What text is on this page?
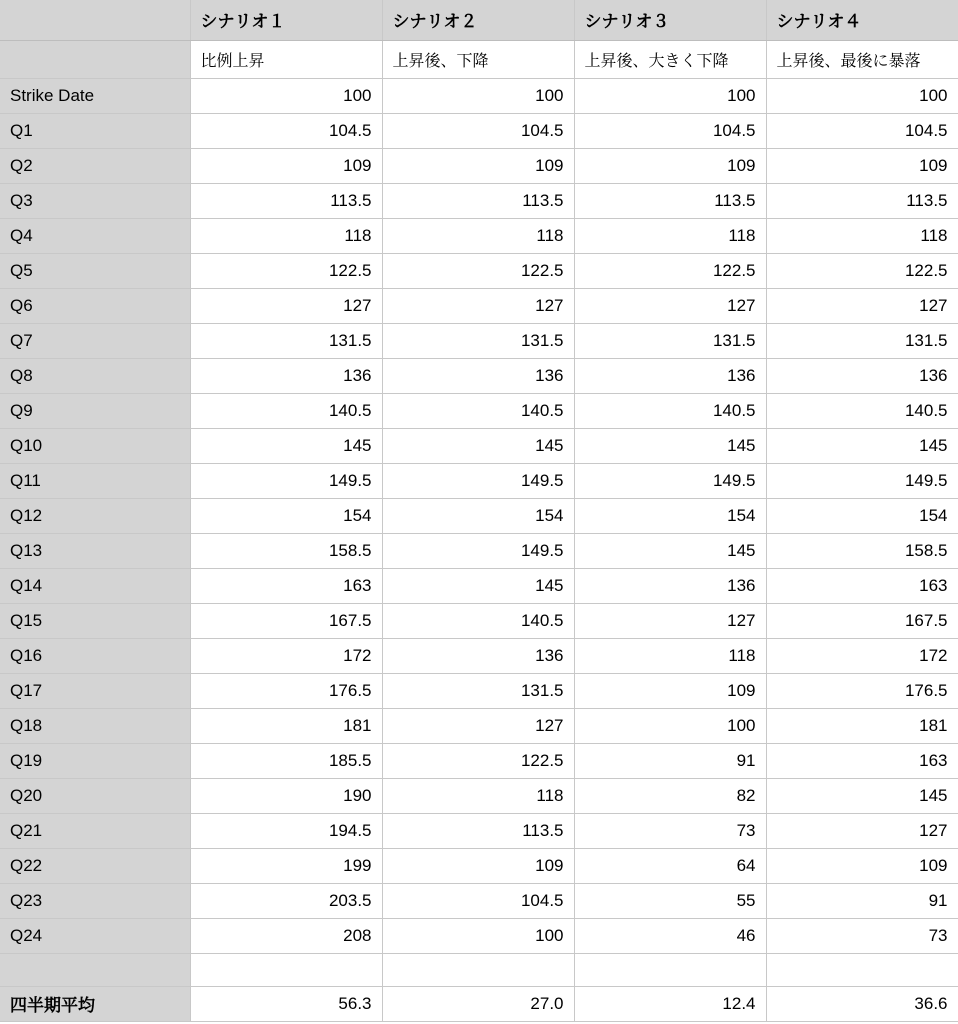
	シナリオ１	シナリオ２	シナリオ３	シナリオ４
	比例上昇	上昇後、下降	上昇後、大きく下降	上昇後、最後に暴落
Strike Date	100	100	100	100
Q1	104.5	104.5	104.5	104.5
Q2	109	109	109	109
Q3	113.5	113.5	113.5	113.5
Q4	118	118	118	118
Q5	122.5	122.5	122.5	122.5
Q6	127	127	127	127
Q7	131.5	131.5	131.5	131.5
Q8	136	136	136	136
Q9	140.5	140.5	140.5	140.5
Q10	145	145	145	145
Q11	149.5	149.5	149.5	149.5
Q12	154	154	154	154
Q13	158.5	149.5	145	158.5
Q14	163	145	136	163
Q15	167.5	140.5	127	167.5
Q16	172	136	118	172
Q17	176.5	131.5	109	176.5
Q18	181	127	100	181
Q19	185.5	122.5	91	163
Q20	190	118	82	145
Q21	194.5	113.5	73	127
Q22	199	109	64	109
Q23	203.5	104.5	55	91
Q24	208	100	46	73

四半期平均	56.3	27.0	12.4	36.6
